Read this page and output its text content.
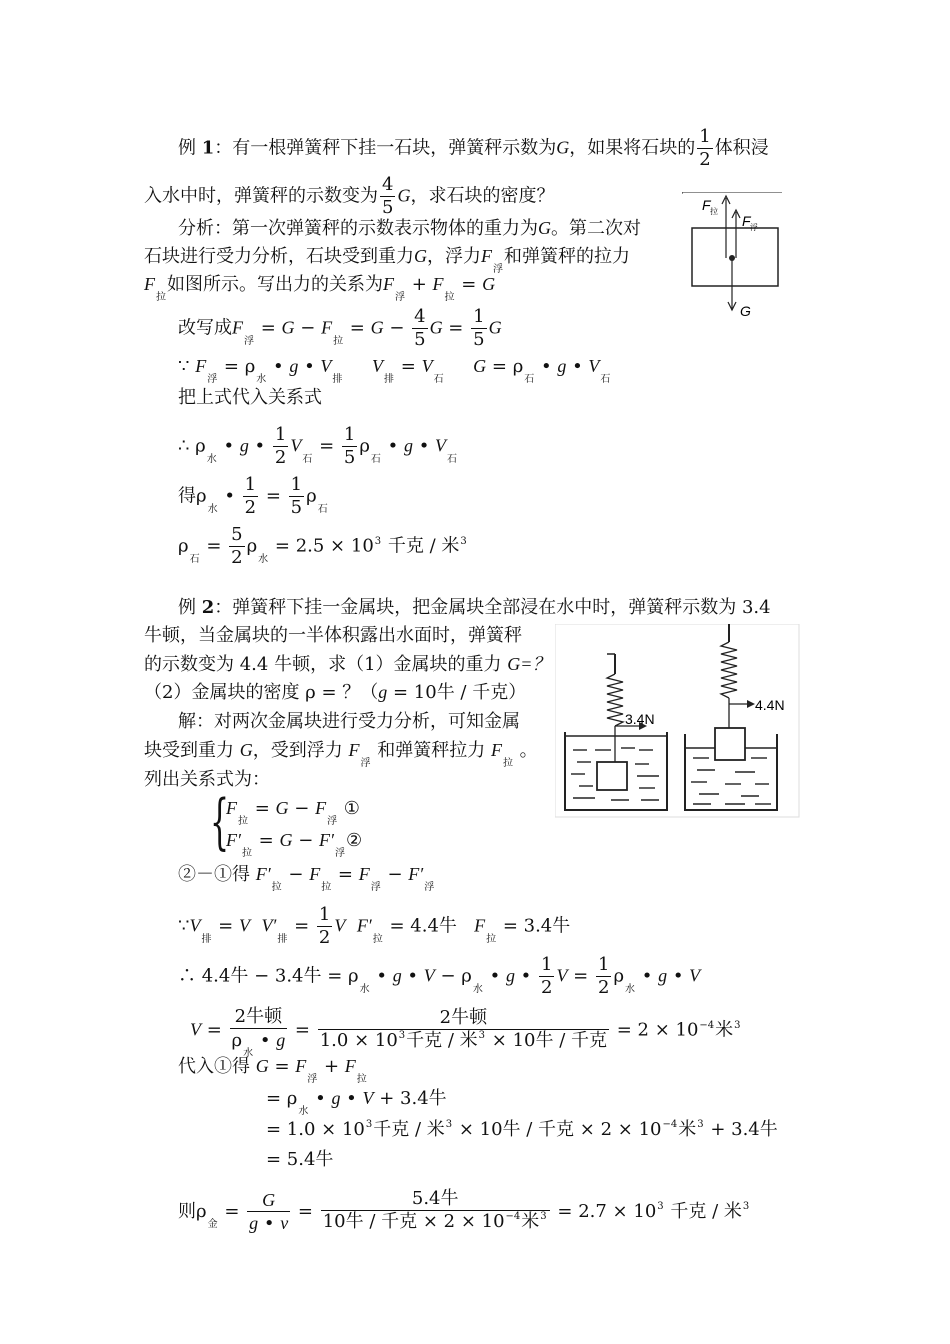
例 1：有一根弹簧秤下挂一石块，弹簧秤示数为G，如果将石块的 $\frac{1}{2}$ 体积浸
入水中时，弹簧秤的示数变为 $\frac{4}{5}$ G，求石块的密度？
分析：第一次弹簧秤的示数表示物体的重力为G。第二次对
石块进行受力分析，石块受到重力G，浮力$F_浮$和弹簧秤的拉力
$F_拉$如图所示。写出力的关系为$F_浮 + F_拉 = G$
改写成$F_浮 = G - F_拉 = G - \frac{4}{5}$ $G = \frac{1}{5}$ G
∵ $F_浮 = \rho_水$ • g • $V_排$     $V_排 = V_石$     $G = \rho_石$ • g • $V_石$
把上式代入关系式
∴ $\rho_水$ • g • $\frac{1}{2} V_石 = \frac{1}{5} \rho_石$ • g • $V_石$
得$\rho_水$ • $\frac{1}{2} = \frac{1}{5} \rho_石$
$\rho_石 = \frac{5}{2} \rho_水 = 2.5 \times 10^3$ 千克 / 米$^3$
F 拉
F 浮
G
例 2：弹簧秤下挂一金属块，把金属块全部浸在水中时，弹簧秤示数为 3.4
牛顿，当金属块的一半体积露出水面时，弹簧秤
的示数变为 4.4 牛顿，求（1）金属块的重力 G=？
（2）金属块的密度 ρ = ？（g = 10牛 / 千克）
解：对两次金属块进行受力分析，可知金属
块受到重力 G，受到浮力 $F_浮$ 和弹簧秤拉力 $F_拉$ 。
列出关系式为：
{
$F_拉 = G - F_浮$ ①
$F'_拉 = G$ − $F'_浮②$
②－①得 $F'_拉 - F_拉 = F_浮 - F'_浮$
$\because V_排 = V$ $V'_排 = \frac{1}{2}$ V $F'_拉 = 4.4$牛 $F_拉 = 3.4$牛
∴ 4.4牛 − 3.4牛 = $\rho_水$ • g • $V - \rho_水$ • g • $\frac{1}{2}$ $V = \frac{1}{2} \rho_水$ • g • V
V =
2牛顿
$\rho_水$ • g =
2牛顿
$1.0 \times 10^3$千克 / 米$^3$ × 10牛 / 千克 = $2 \times 10^{-4}$米$^3$
代入①得 $G = F_浮 + F_拉$
= $\rho_水$ • g • V + 3.4牛
= $1.0 \times 10^3$千克 / 米$^3$ × 10牛 / 千克 × $2 \times 10^{-4}$米$^3$ + 3.4牛
= 5.4牛
则$\rho_金 = \frac{G}{g • v}$ =
5.4牛
10牛 / 千克 × $2 \times 10^{-4}$米$^3 = 2.7 \times 10^3$ 千克 / 米$^3$
3.4N
4.4N
